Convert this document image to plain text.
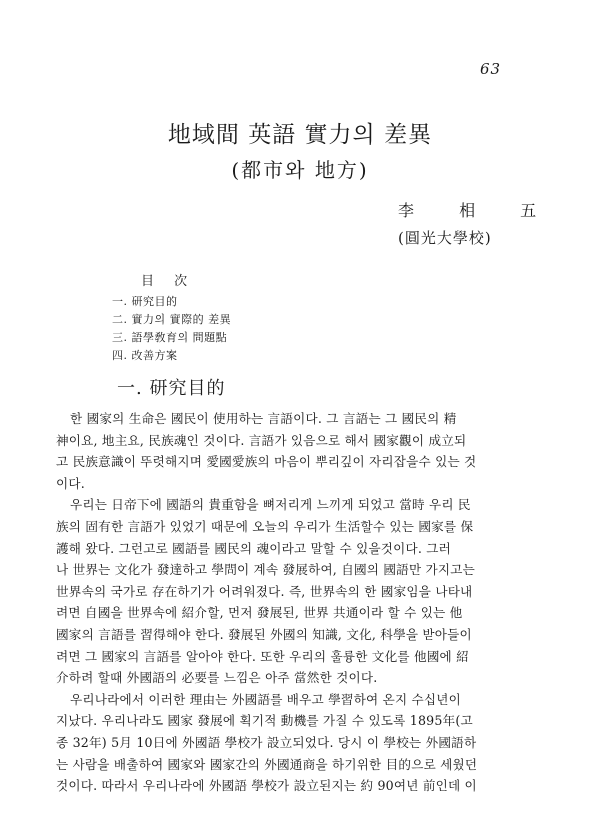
63
地域間 英語 實力의 差異
(都市와 地方)
李 相 五
(圓光大學校)
目 次
一. 研究目的
二. 實力의 實際的 差異
三. 語學敎育의 問題點
四. 改善方案
一. 研究目的

한 國家의 生命은 國民이 使用하는 言語이다. 그 言語는 그 國民의 精
神이요, 地主요, 民族魂인 것이다. 言語가 있음으로 해서 國家觀이 成立되
고 民族意識이 뚜렷해지며 愛國愛族의 마음이 뿌리깊이 자리잡을수 있는 것
이다.

우리는 日帝下에 國語의 貴重함을 뼈저리게 느끼게 되었고 當時 우리 民
族의 固有한 言語가 있었기 때문에 오늘의 우리가 生活할수 있는 國家를 保
護해 왔다. 그런고로 國語를 國民의 魂이라고 말할 수 있을것이다. 그러
나 世界는 文化가 發達하고 學問이 계속 發展하여, 自國의 國語만 가지고는
世界속의 국가로 存在하기가 어려워졌다. 즉, 世界속의 한 國家임을 나타내
려면 自國을 世界속에 紹介할, 먼저 發展된, 世界 共通이라 할 수 있는 他
國家의 言語를 習得해야 한다. 發展된 外國의 知識, 文化, 科學을 받아들이
려면 그 國家의 言語를 알아야 한다. 또한 우리의 훌륭한 文化를 他國에 紹
介하려 할때 外國語의 必要를 느낌은 아주 當然한 것이다.

우리나라에서 이러한 理由는 外國語를 배우고 學習하여 온지 수십년이
지났다. 우리나라도 國家 發展에 획기적 動機를 가질 수 있도록 1895年(고
종 32年) 5月 10日에 外國語 學校가 設立되었다. 당시 이 學校는 外國語하
는 사람을 배출하여 國家와 國家간의 外國通商을 하기위한 目的으로 세웠던
것이다. 따라서 우리나라에 外國語 學校가 設立된지는 約 90여년 前인데 이
